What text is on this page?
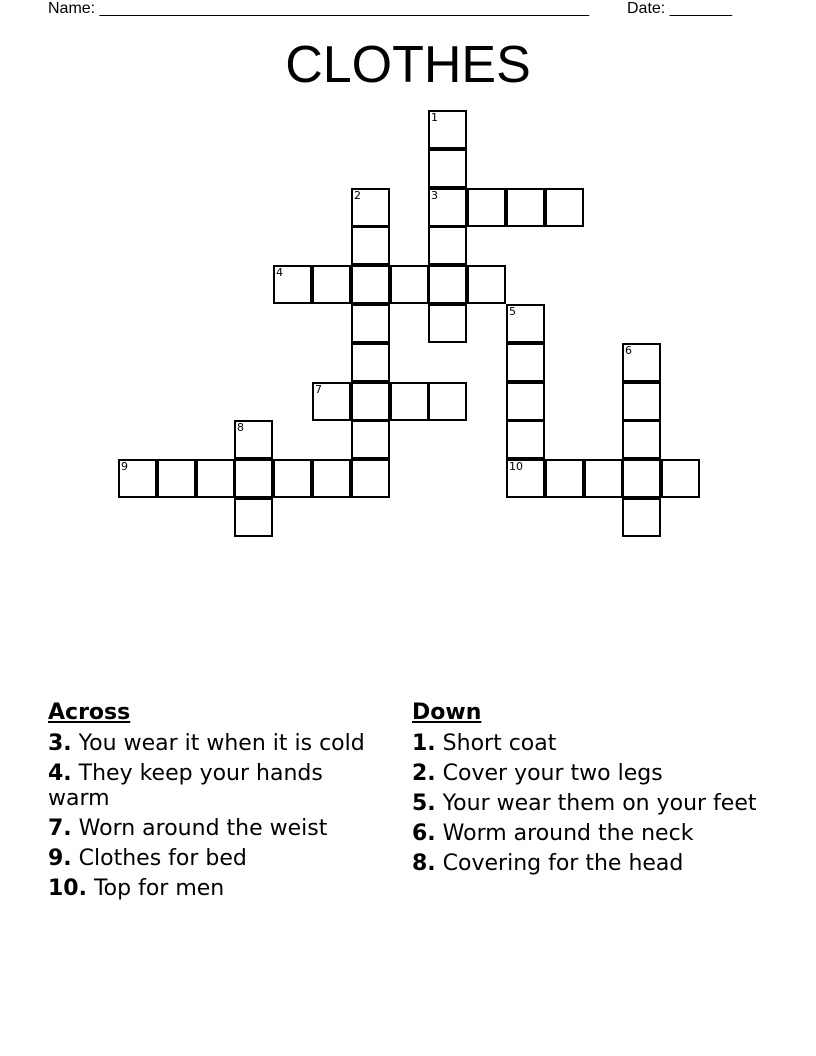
Name: _______________________________________________________ Date: _______
CLOTHES
1
2	3
4
5
6
7
8
9	10
Across
3. You wear it when it is cold
4. They keep your hands warm
7. Worn around the weist
9. Clothes for bed
10. Top for men
Down
1. Short coat
2. Cover your two legs
5. Your wear them on your feet
6. Worm around the neck
8. Covering for the head
